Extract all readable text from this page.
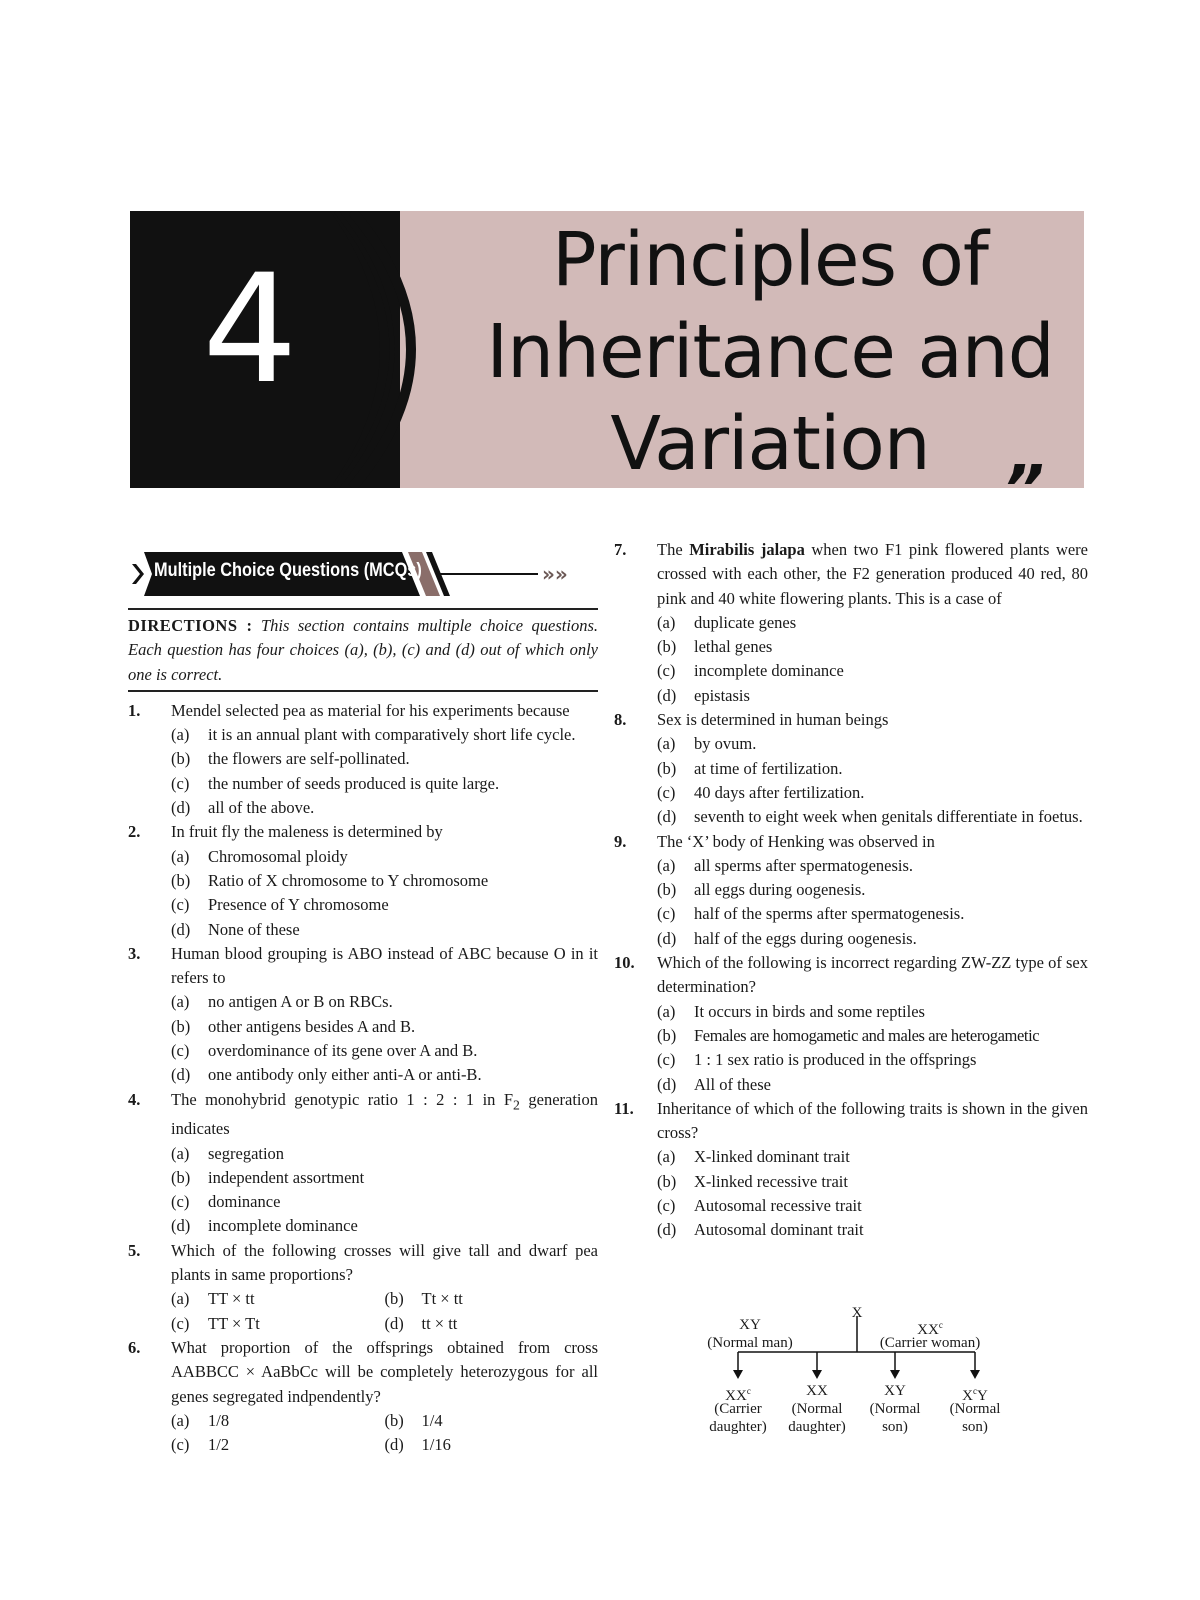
4	Principles of
Inheritance and
Variation
”
»»
Multiple Choice Questions (MCQs)
DIRECTIONS : This section contains multiple choice questions. Each question has four choices (a), (b), (c) and (d) out of which only one is correct.
1. Mendel selected pea as material for his experiments because
(a) it is an annual plant with comparatively short life cycle.
(b) the flowers are self-pollinated.
(c) the number of seeds produced is quite large.
(d) all of the above.
2. In fruit fly the maleness is determined by
(a) Chromosomal ploidy
(b) Ratio of X chromosome to Y chromosome
(c) Presence of Y chromosome
(d) None of these
3. Human blood grouping is ABO instead of ABC because O in it refers to
(a) no antigen A or B on RBCs.
(b) other antigens besides A and B.
(c) overdominance of its gene over A and B.
(d) one antibody only either anti-A or anti-B.
4. The monohybrid genotypic ratio 1 : 2 : 1 in $F_2$ generation indicates
(a) segregation
(b) independent assortment
(c) dominance
(d) incomplete dominance
5. Which of the following crosses will give tall and dwarf pea plants in same proportions?
(a) TT × tt	(b) Tt × tt
(c) TT × Tt	(d) tt × tt
6. What proportion of the offsprings obtained from cross AABBCC × AaBbCc will be completely heterozygous for all genes segregated indpendently?
(a) 1/8	(b) 1/4
(c) 1/2	(d) 1/16
7. The Mirabilis jalapa when two F1 pink flowered plants were crossed with each other, the F2 generation produced 40 red, 80 pink and 40 white flowering plants. This is a case of
(a) duplicate genes
(b) lethal genes
(c) incomplete dominance
(d) epistasis
8. Sex is determined in human beings
(a) by ovum.
(b) at time of fertilization.
(c) 40 days after fertilization.
(d) seventh to eight week when genitals differentiate in foetus.
9. The ‘X’ body of Henking was observed in
(a) all sperms after spermatogenesis.
(b) all eggs during oogenesis.
(c) half of the sperms after spermatogenesis.
(d) half of the eggs during oogenesis.
10. Which of the following is incorrect regarding ZW-ZZ type of sex determination?
(a) It occurs in birds and some reptiles
(b) Females are homogametic and males are heterogametic
(c) 1 : 1 sex ratio is produced in the offsprings
(d) All of these
11. Inheritance of which of the following traits is shown in the given cross?
(a) X-linked dominant trait
(b) X-linked recessive trait
(c) Autosomal recessive trait
(d) Autosomal dominant trait
X
XY
(Normal man)
$XX^c$
(Carrier woman)
$XX^c$
(Carrier
daughter)
XX
(Normal
daughter)
XY
(Normal
son)
$X^cY$
(Normal
son)
